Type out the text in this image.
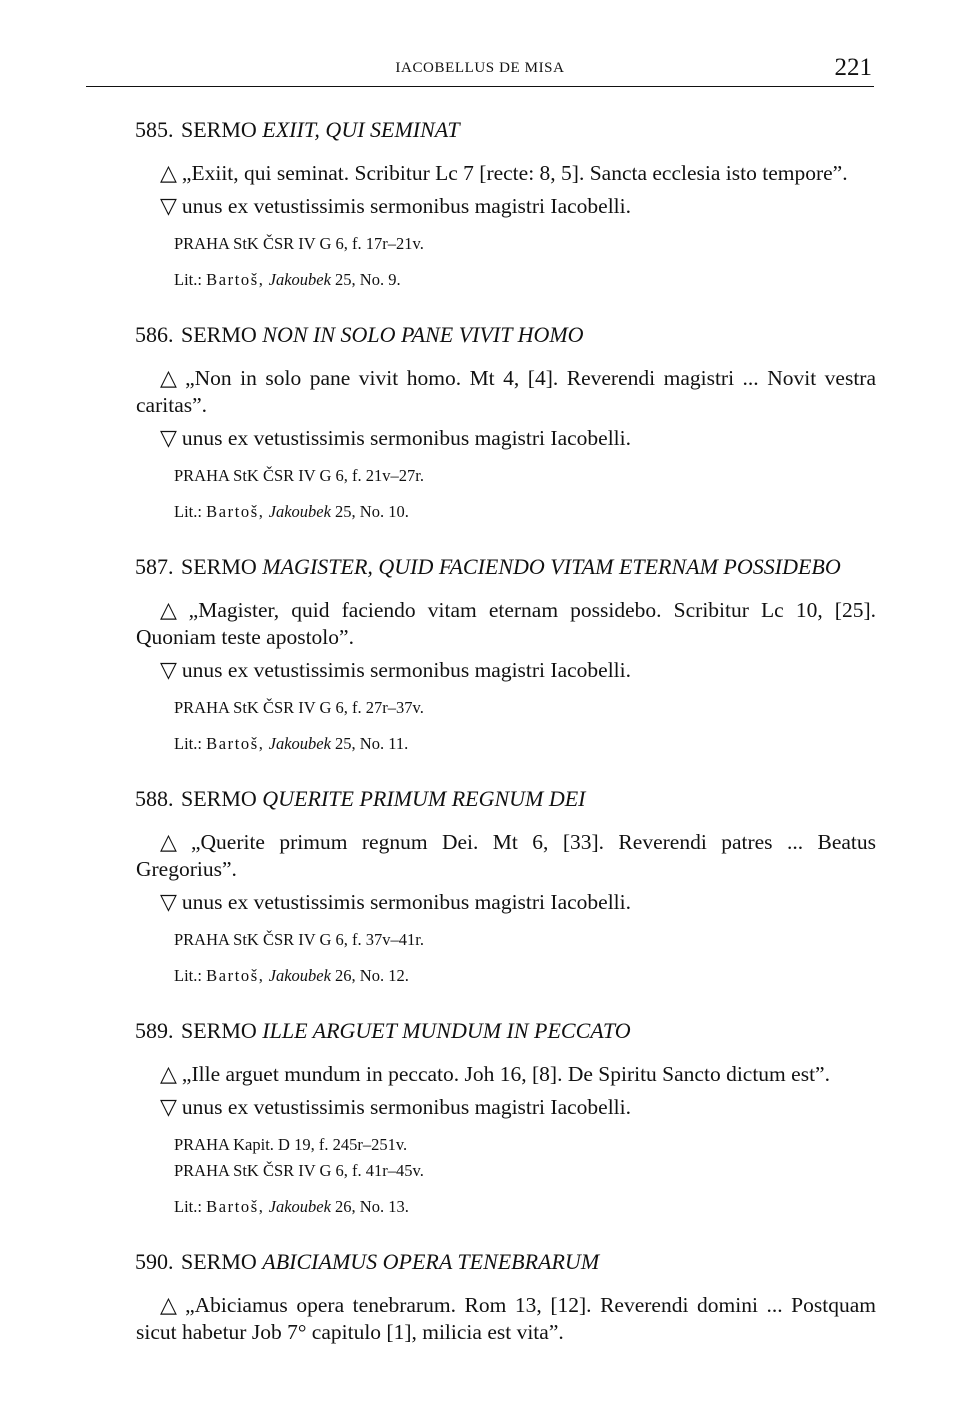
IACOBELLUS DE MISA	221
585. SERMO EXIIT, QUI SEMINAT
△ „Exiit, qui seminat. Scribitur Lc 7 [recte: 8, 5]. Sancta ecclesia isto tempore”.
▽ unus ex vetustissimis sermonibus magistri Iacobelli.
PRAHA StK ČSR IV G 6, f. 17r–21v.
Lit.: Bartoš, Jakoubek 25, No. 9.
586. SERMO NON IN SOLO PANE VIVIT HOMO
△ „Non in solo pane vivit homo. Mt 4, [4]. Reverendi magistri ... Novit vestra caritas”.
▽ unus ex vetustissimis sermonibus magistri Iacobelli.
PRAHA StK ČSR IV G 6, f. 21v–27r.
Lit.: Bartoš, Jakoubek 25, No. 10.
587. SERMO MAGISTER, QUID FACIENDO VITAM ETERNAM POSSIDEBO
△ „Magister, quid faciendo vitam eternam possidebo. Scribitur Lc 10, [25]. Quoniam teste apostolo”.
▽ unus ex vetustissimis sermonibus magistri Iacobelli.
PRAHA StK ČSR IV G 6, f. 27r–37v.
Lit.: Bartoš, Jakoubek 25, No. 11.
588. SERMO QUERITE PRIMUM REGNUM DEI
△ „Querite primum regnum Dei. Mt 6, [33]. Reverendi patres ... Beatus Gregorius”.
▽ unus ex vetustissimis sermonibus magistri Iacobelli.
PRAHA StK ČSR IV G 6, f. 37v–41r.
Lit.: Bartoš, Jakoubek 26, No. 12.
589. SERMO ILLE ARGUET MUNDUM IN PECCATO
△ „Ille arguet mundum in peccato. Joh 16, [8]. De Spiritu Sancto dictum est”.
▽ unus ex vetustissimis sermonibus magistri Iacobelli.
PRAHA Kapit. D 19, f. 245r–251v.
PRAHA StK ČSR IV G 6, f. 41r–45v.
Lit.: Bartoš, Jakoubek 26, No. 13.
590. SERMO ABICIAMUS OPERA TENEBRARUM
△ „Abiciamus opera tenebrarum. Rom 13, [12]. Reverendi domini ... Postquam sicut habetur Job 7° capitulo [1], milicia est vita”.
